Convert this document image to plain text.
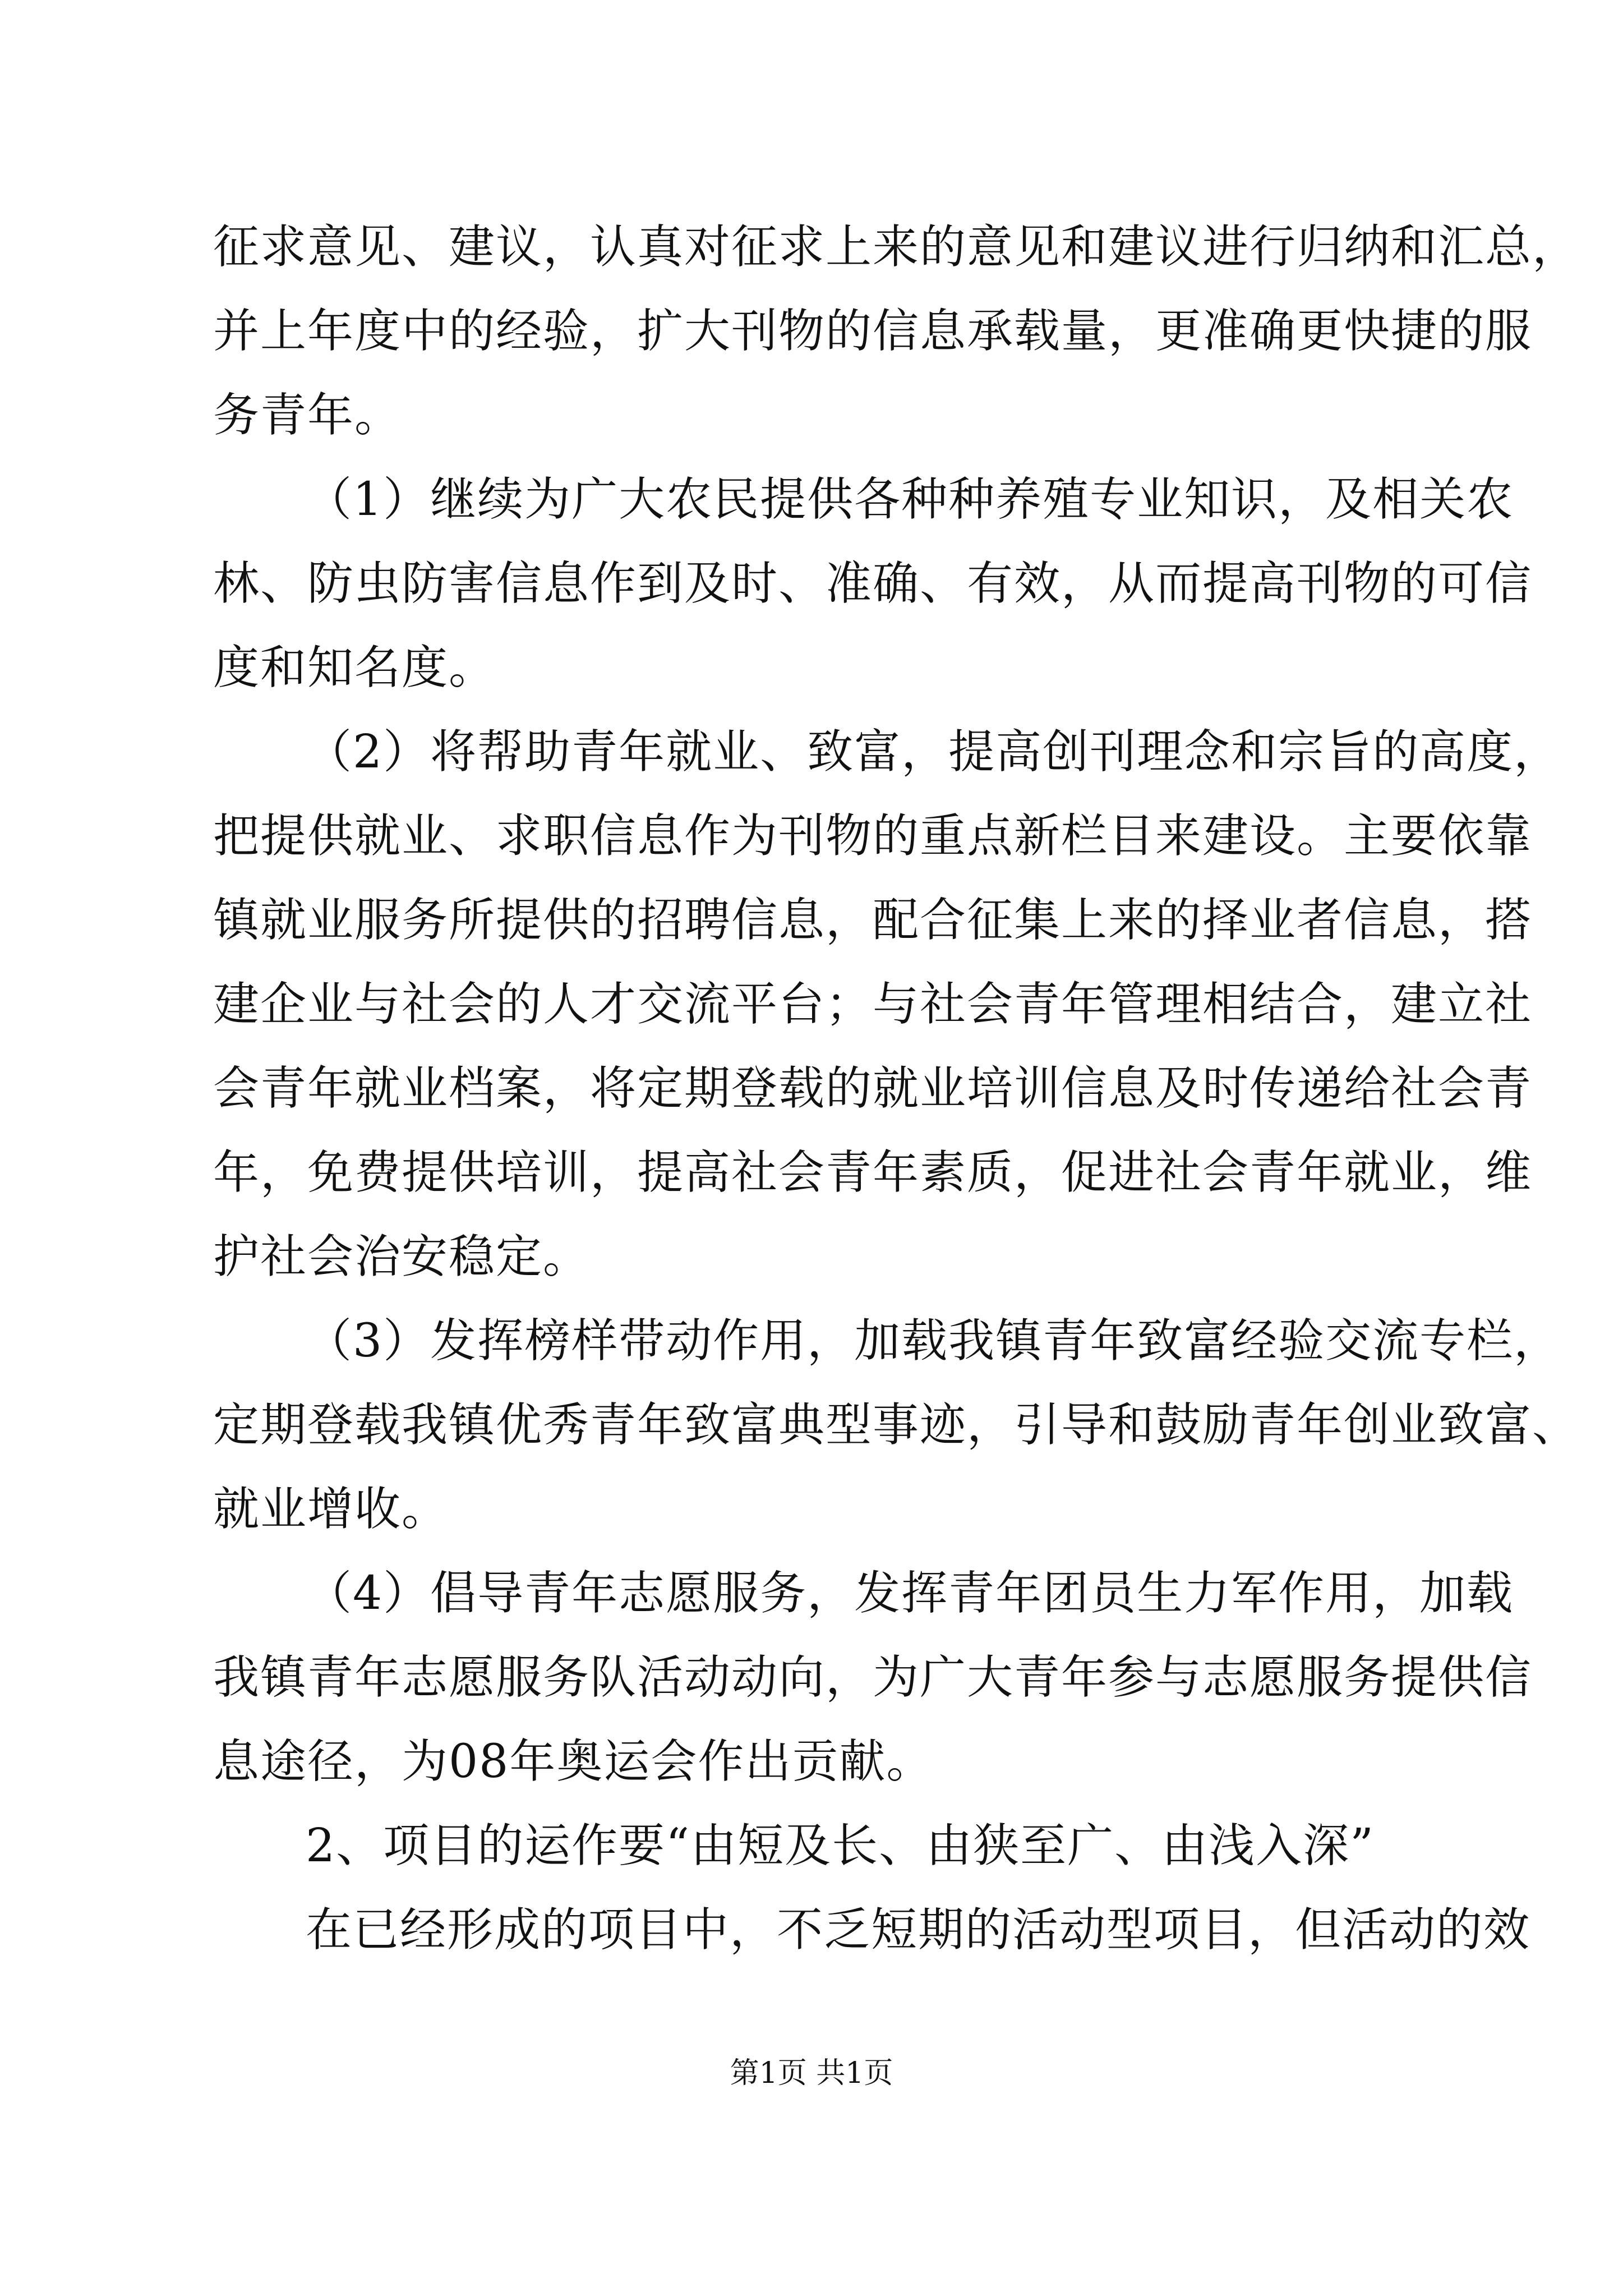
征求意见、建议，认真对征求上来的意见和建议进行归纳和汇总，
并上年度中的经验，扩大刊物的信息承载量，更准确更快捷的服
务青年。
（1）继续为广大农民提供各种种养殖专业知识，及相关农
林、防虫防害信息作到及时、准确、有效，从而提高刊物的可信
度和知名度。
（2）将帮助青年就业、致富，提高创刊理念和宗旨的高度，
把提供就业、求职信息作为刊物的重点新栏目来建设。主要依靠
镇就业服务所提供的招聘信息，配合征集上来的择业者信息，搭
建企业与社会的人才交流平台；与社会青年管理相结合，建立社
会青年就业档案，将定期登载的就业培训信息及时传递给社会青
年，免费提供培训，提高社会青年素质，促进社会青年就业，维
护社会治安稳定。
（3）发挥榜样带动作用，加载我镇青年致富经验交流专栏，
定期登载我镇优秀青年致富典型事迹，引导和鼓励青年创业致富、
就业增收。
（4）倡导青年志愿服务，发挥青年团员生力军作用，加载
我镇青年志愿服务队活动动向，为广大青年参与志愿服务提供信
息途径，为08年奥运会作出贡献。
2、项目的运作要“由短及长、由狭至广、由浅入深”
在已经形成的项目中，不乏短期的活动型项目，但活动的效
第1页 共1页
